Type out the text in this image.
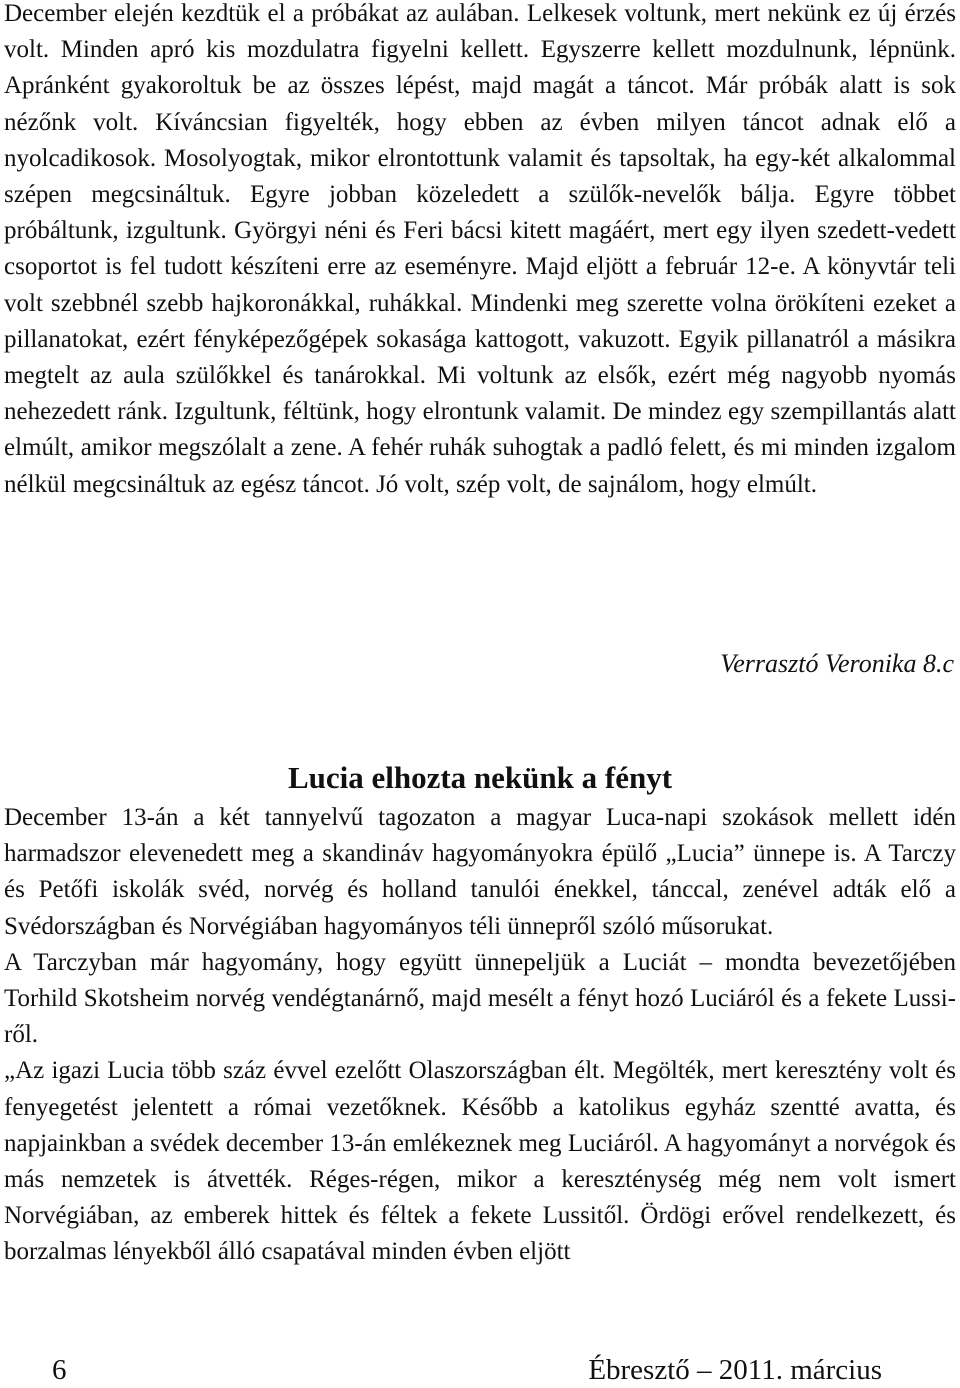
December elején kezdtük el a próbákat az aulában. Lelkesek voltunk, mert nekünk ez új érzés volt. Minden apró kis mozdulatra figyelni kellett. Egyszerre kellett mozdulnunk, lépnünk. Apránként gyakoroltuk be az összes lépést, majd magát a táncot. Már próbák alatt is sok nézőnk volt. Kíváncsian figyelték, hogy ebben az évben milyen táncot adnak elő a nyolcadikosok. Mosolyogtak, mikor elrontottunk valamit és tapsoltak, ha egy-két alkalommal szépen megcsináltuk. Egyre jobban közeledett a szülők-nevelők bálja. Egyre többet próbáltunk, izgultunk. Györgyi néni és Feri bácsi kitett magáért, mert egy ilyen szedett-vedett csoportot is fel tudott készíteni erre az eseményre. Majd eljött a február 12-e. A könyvtár teli volt szebbnél szebb hajkoronákkal, ruhákkal. Mindenki meg szerette volna örökíteni ezeket a pillanatokat, ezért fényképezőgépek sokasága kattogott, vakuzott. Egyik pillanatról a másikra megtelt az aula szülőkkel és tanárokkal. Mi voltunk az elsők, ezért még nagyobb nyomás nehezedett ránk. Izgultunk, féltünk, hogy elrontunk valamit. De mindez egy szempillantás alatt elmúlt, amikor megszólalt a zene. A fehér ruhák suhogtak a padló felett, és mi minden izgalom nélkül megcsináltuk az egész táncot. Jó volt, szép volt, de sajnálom, hogy elmúlt.

Verrasztó Veronika 8.c

Lucia elhozta nekünk a fényt

December 13-án a két tannyelvű tagozaton a magyar Luca-napi szokások mellett idén harmadszor elevenedett meg a skandináv hagyományokra épülő „Lucia” ünnepe is. A Tarczy és Petőfi iskolák svéd, norvég és holland tanulói énekkel, tánccal, zenével adták elő a Svédországban és Norvégiában hagyományos téli ünnepről szóló műsorukat.

A Tarczyban már hagyomány, hogy együtt ünnepeljük a Luciát – mondta bevezetőjében Torhild Skotsheim norvég vendégtanárnő, majd mesélt a fényt hozó Luciáról és a fekete Lussi-ről.

„Az igazi Lucia több száz évvel ezelőtt Olaszországban élt. Megölték, mert keresztény volt és fenyegetést jelentett a római vezetőknek. Később a katolikus egyház szentté avatta, és napjainkban a svédek december 13-án emlékeznek meg Luciáról. A hagyományt a norvégok és más nemzetek is átvették. Réges-régen, mikor a kereszténység még nem volt ismert Norvégiában, az emberek hittek és féltek a fekete Lussitől. Ördögi erővel rendelkezett, és borzalmas lényekből álló csapatával minden évben eljött

6	Ébresztő – 2011. március
